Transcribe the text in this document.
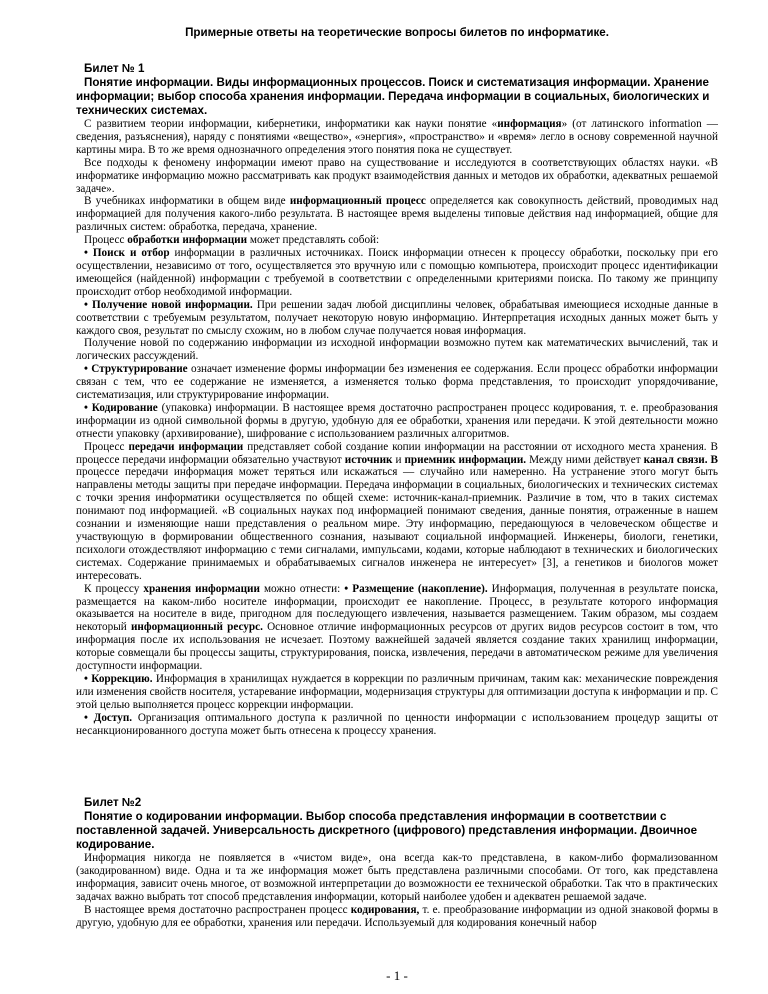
Примерные ответы на теоретические вопросы билетов по информатике.

Билет № 1

Понятие информации. Виды информационных процессов. Поиск и систематизация информации. Хранение информации; выбор способа хранения информации. Передача информации в социальных, биологических и технических системах.

С развитием теории информации, кибернетики, информатики как науки понятие «информация» (от латинского information — сведения, разъяснения), наряду с понятиями «вещество», «энергия», «пространство» и «время» легло в основу современной научной картины мира. В то же время однозначного определения этого понятия пока не существует.

Все подходы к феномену информации имеют право на существование и исследуются в соответствующих областях науки. «В информатике информацию можно рассматривать как продукт взаимодействия данных и методов их обработки, адекватных решаемой задаче».

В учебниках информатики в общем виде информационный процесс определяется как совокупность действий, проводимых над информацией для получения какого-либо результата. В настоящее время выделены типовые действия над информацией, общие для различных систем: обработка, передача, хранение.

Процесс обработки информации может представлять собой:

• Поиск и отбор информации в различных источниках. Поиск информации отнесен к процессу обработки, поскольку при его осуществлении, независимо от того, осуществляется это вручную или с помощью компьютера, происходит процесс идентификации имеющейся (найденной) информации с требуемой в соответствии с определенными критериями поиска. По такому же принципу происходит отбор необходимой информации.

• Получение новой информации. При решении задач любой дисциплины человек, обрабатывая имеющиеся исходные данные в соответствии с требуемым результатом, получает некоторую новую информацию. Интерпретация исходных данных может быть у каждого своя, результат по смыслу схожим, но в любом случае получается новая информация.

Получение новой по содержанию информации из исходной информации возможно путем как математических вычислений, так и логических рассуждений.

• Структурирование означает изменение формы информации без изменения ее содержания. Если процесс обработки информации связан с тем, что ее содержание не изменяется, а изменяется только форма представления, то происходит упорядочивание, систематизация, или структурирование информации.

• Кодирование (упаковка) информации. В настоящее время достаточно распространен процесс кодирования, т. е. преобразования информации из одной символьной формы в другую, удобную для ее обработки, хранения или передачи. К этой деятельности можно отнести упаковку (архивирование), шифрование с использованием различных алгоритмов.

Процесс передачи информации представляет собой создание копии информации на расстоянии от исходного места хранения. В процессе передачи информации обязательно участвуют источник и приемник информации. Между ними действует канал связи. В процессе передачи информация может теряться или искажаться — случайно или намеренно. На устранение этого могут быть направлены методы защиты при передаче информации. Передача информации в социальных, биологических и технических системах с точки зрения информатики осуществляется по общей схеме: источник-канал-приемник. Различие в том, что в таких системах понимают под информацией. «В социальных науках под информацией понимают сведения, данные понятия, отраженные в нашем сознании и изменяющие наши представления о реальном мире. Эту информацию, передающуюся в человеческом обществе и участвующую в формировании общественного сознания, называют социальной информацией. Инженеры, биологи, генетики, психологи отождествляют информацию с теми сигналами, импульсами, кодами, которые наблюдают в технических и биологических системах. Содержание принимаемых и обрабатываемых сигналов инженера не интересует» [3], а генетиков и биологов может интересовать.

К процессу хранения информации можно отнести: • Размещение (накопление). Информация, полученная в результате поиска, размещается на каком-либо носителе информации, происходит ее накопление. Процесс, в результате которого информация оказывается на носителе в виде, пригодном для последующего извлечения, называется размещением. Таким образом, мы создаем некоторый информационный ресурс. Основное отличие информационных ресурсов от других видов ресурсов состоит в том, что информация после их использования не исчезает. Поэтому важнейшей задачей является создание таких хранилищ информации, которые совмещали бы процессы защиты, структурирования, поиска, извлечения, передачи в автоматическом режиме для увеличения доступности информации.

• Коррекцию. Информация в хранилищах нуждается в коррекции по различным причинам, таким как: механические повреждения или изменения свойств носителя, устаревание информации, модернизация структуры для оптимизации доступа к информации и пр. С этой целью выполняется процесс коррекции информации.

• Доступ. Организация оптимального доступа к различной по ценности информации с использованием процедур защиты от несанкционированного доступа может быть отнесена к процессу хранения.

Билет №2

Понятие о кодировании информации. Выбор способа представления информации в соответствии с поставленной задачей. Универсальность дискретного (цифрового) представления информации. Двоичное кодирование.

Информация никогда не появляется в «чистом виде», она всегда как-то представлена, в каком-либо формализованном (закодированном) виде. Одна и та же информация может быть представлена различными способами. От того, как представлена информация, зависит очень многое, от возможной интерпретации до возможности ее технической обработки. Так что в практических задачах важно выбрать тот способ представления информации, который наиболее удобен и адекватен решаемой задаче.

В настоящее время достаточно распространен процесс кодирования, т. е. преобразование информации из одной знаковой формы в другую, удобную для ее обработки, хранения или передачи. Используемый для кодирования конечный набор

- 1 -
